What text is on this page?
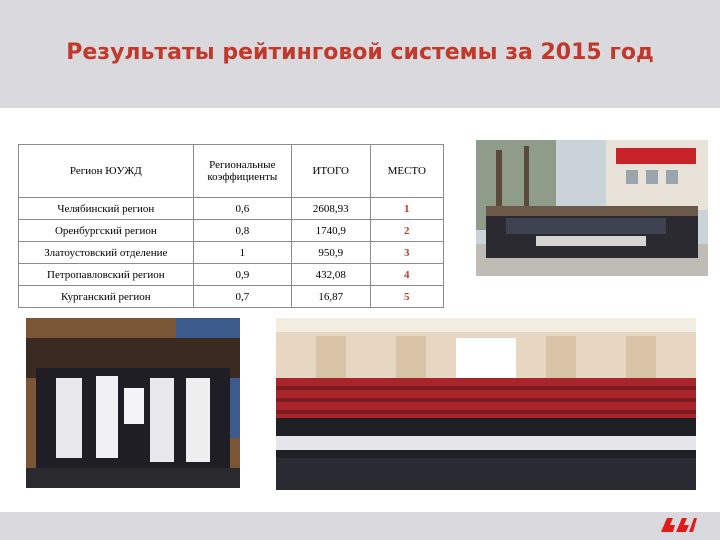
Результаты рейтинговой системы за 2015 год
Регион ЮУЖД	Региональные коэффициенты	ИТОГО	МЕСТО
Челябинский регион	0,6	2608,93	1
Оренбургский регион	0,8	1740,9	2
Златоустовский отделение	1	950,9	3
Петропавловский регион	0,9	432,08	4
Курганский регион	0,7	16,87	5
